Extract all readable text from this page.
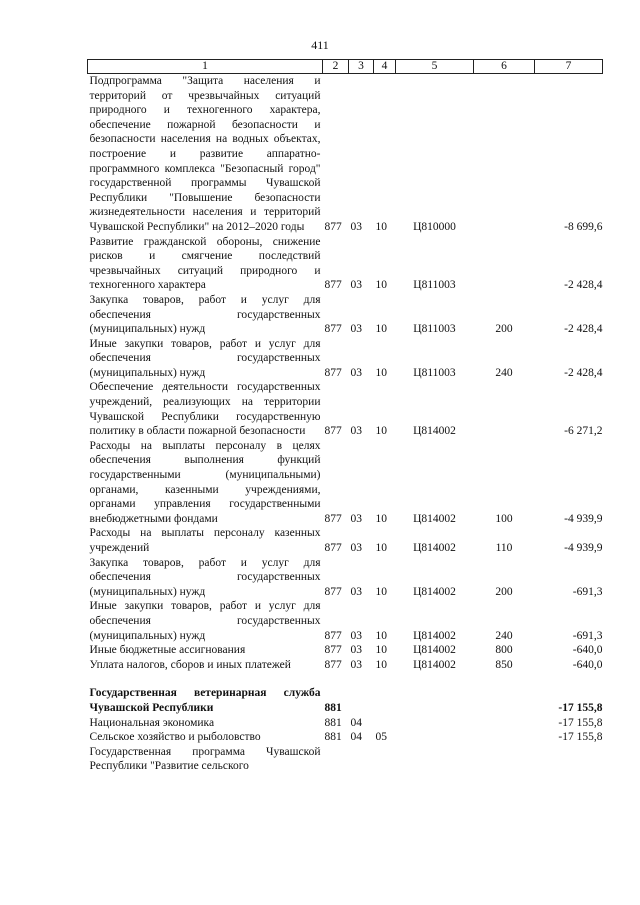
411
1	2	3	4	5	6	7
Подпрограмма "Защита населения и территорий от чрезвычайных ситуаций природного и техногенного характера, обеспечение пожарной безопасности и безопасности населения на водных объектах, построение и развитие аппаратно-программного комплекса "Безопасный город" государственной программы Чувашской Республики "Повышение безопасности жизнедеятельности населения и территорий Чувашской Республики" на 2012–2020 годы	877	03	10	Ц810000		-8 699,6
Развитие гражданской обороны, снижение рисков и смягчение последствий чрезвычайных ситуаций природного и техногенного характера	877	03	10	Ц811003		-2 428,4
Закупка товаров, работ и услуг для обеспечения государственных (муниципальных) нужд	877	03	10	Ц811003	200	-2 428,4
Иные закупки товаров, работ и услуг для обеспечения государственных (муниципальных) нужд	877	03	10	Ц811003	240	-2 428,4
Обеспечение деятельности государственных учреждений, реализующих на территории Чувашской Республики государственную политику в области пожарной безопасности	877	03	10	Ц814002		-6 271,2
Расходы на выплаты персоналу в целях обеспечения выполнения функций государственными (муниципальными) органами, казенными учреждениями, органами управления государственными внебюджетными фондами	877	03	10	Ц814002	100	-4 939,9
Расходы на выплаты персоналу казенных учреждений	877	03	10	Ц814002	110	-4 939,9
Закупка товаров, работ и услуг для обеспечения государственных (муниципальных) нужд	877	03	10	Ц814002	200	-691,3
Иные закупки товаров, работ и услуг для обеспечения государственных (муниципальных) нужд	877	03	10	Ц814002	240	-691,3
Иные бюджетные ассигнования	877	03	10	Ц814002	800	-640,0
Уплата налогов, сборов и иных платежей	877	03	10	Ц814002	850	-640,0

Государственная ветеринарная служба Чувашской Республики	881					-17 155,8
Национальная экономика	881	04				-17 155,8
Сельское хозяйство и рыболовство	881	04	05			-17 155,8
Государственная программа Чувашской Республики "Развитие сельского						
